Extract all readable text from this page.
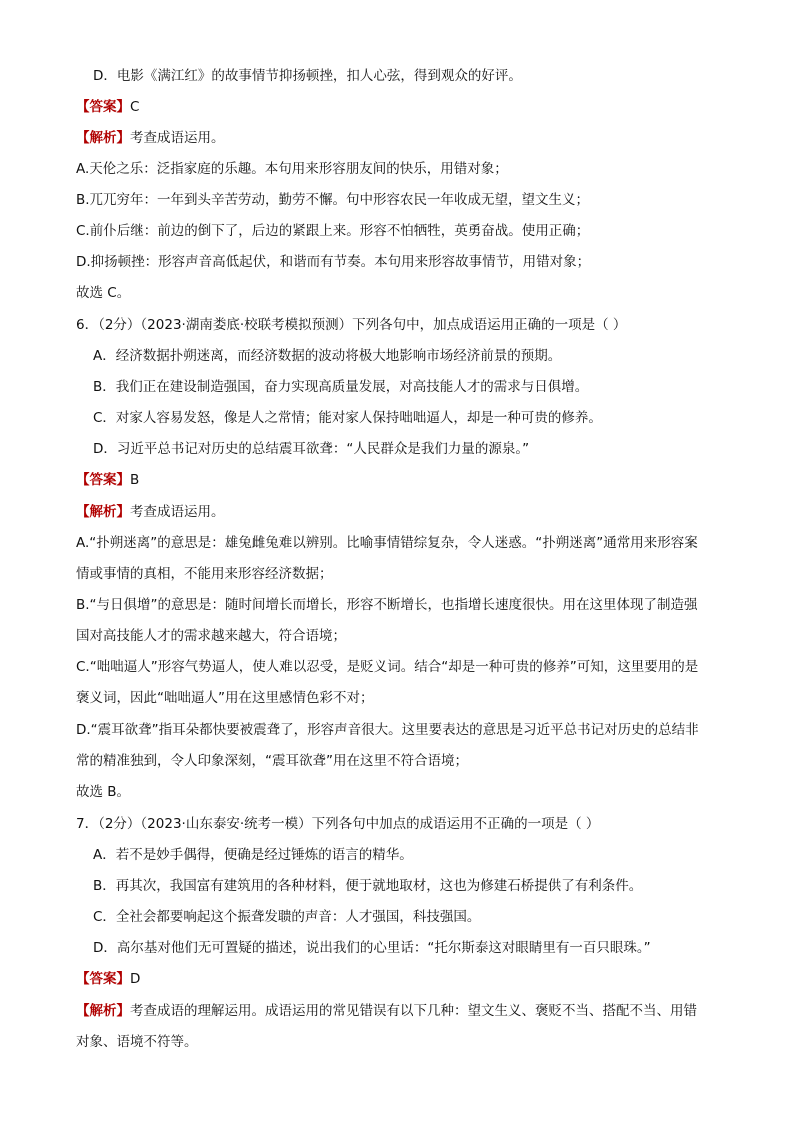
D．电影《满江红》的故事情节抑扬顿挫，扣人心弦，得到观众的好评。
【答案】C
【解析】考查成语运用。
A.天伦之乐：泛指家庭的乐趣。本句用来形容朋友间的快乐，用错对象；
B.兀兀穷年：一年到头辛苦劳动，勤劳不懈。句中形容农民一年收成无望，望文生义；
C.前仆后继：前边的倒下了，后边的紧跟上来。形容不怕牺牲，英勇奋战。使用正确；
D.抑扬顿挫：形容声音高低起伏，和谐而有节奏。本句用来形容故事情节，用错对象；
故选 C。
6．（2分）（2023·湖南娄底·校联考模拟预测）下列各句中，加点成语运用正确的一项是（ ）
A．经济数据扑朔迷离，而经济数据的波动将极大地影响市场经济前景的预期。
B．我们正在建设制造强国，奋力实现高质量发展，对高技能人才的需求与日俱增。
C．对家人容易发怒，像是人之常情；能对家人保持咄咄逼人，却是一种可贵的修养。
D．习近平总书记对历史的总结震耳欲聋：“人民群众是我们力量的源泉。”
【答案】B
【解析】考查成语运用。
A.“扑朔迷离”的意思是：雄兔雌兔难以辨别。比喻事情错综复杂，令人迷惑。“扑朔迷离”通常用来形容案
情或事情的真相，不能用来形容经济数据；
B.“与日俱增”的意思是：随时间增长而增长，形容不断增长，也指增长速度很快。用在这里体现了制造强
国对高技能人才的需求越来越大，符合语境；
C.“咄咄逼人”形容气势逼人，使人难以忍受，是贬义词。结合“却是一种可贵的修养”可知，这里要用的是
褒义词，因此“咄咄逼人”用在这里感情色彩不对；
D.“震耳欲聋”指耳朵都快要被震聋了，形容声音很大。这里要表达的意思是习近平总书记对历史的总结非
常的精准独到，令人印象深刻，“震耳欲聋”用在这里不符合语境；
故选 B。
7．（2分）（2023·山东泰安·统考一模）下列各句中加点的成语运用不正确的一项是（ ）
A．若不是妙手偶得，便确是经过锤炼的语言的精华。
B．再其次，我国富有建筑用的各种材料，便于就地取材，这也为修建石桥提供了有利条件。
C．全社会都要响起这个振聋发聩的声音：人才强国，科技强国。
D．高尔基对他们无可置疑的描述，说出我们的心里话：“托尔斯泰这对眼睛里有一百只眼珠。”
【答案】D
【解析】考查成语的理解运用。成语运用的常见错误有以下几种：望文生义、褒贬不当、搭配不当、用错
对象、语境不符等。
